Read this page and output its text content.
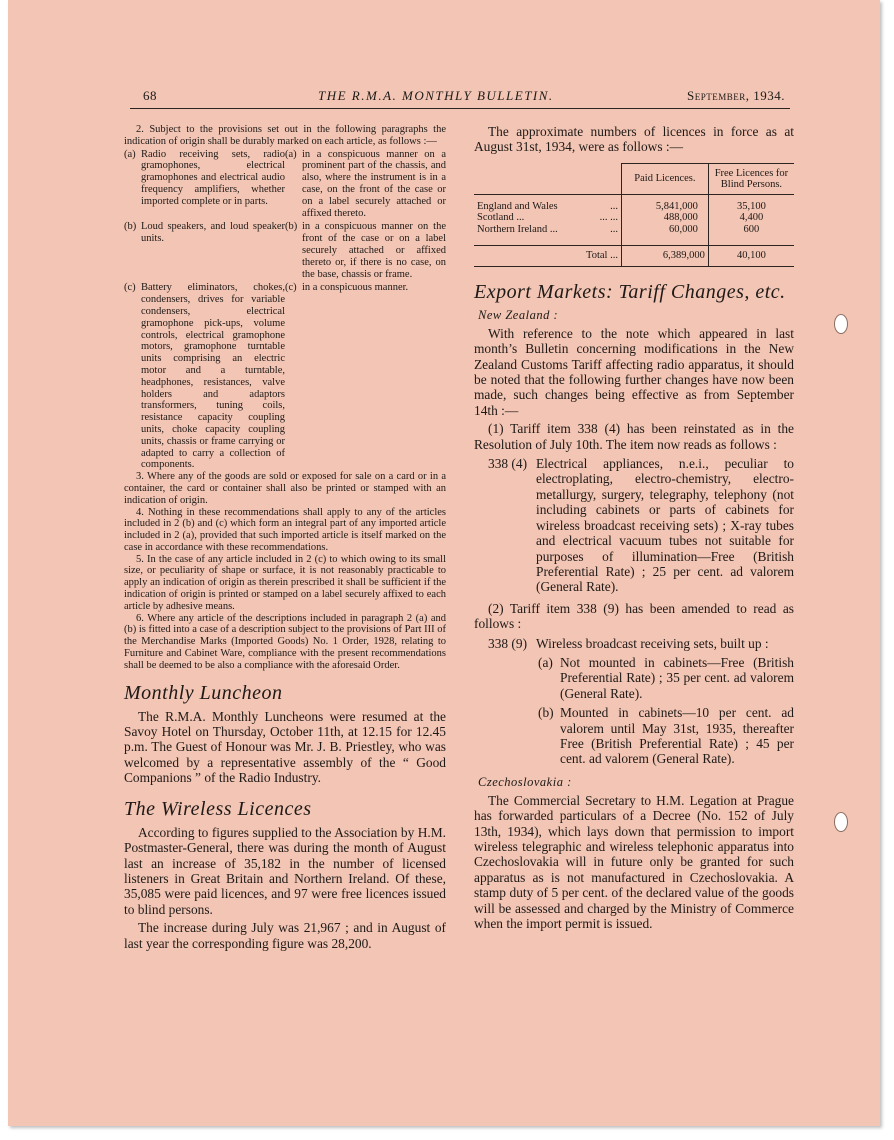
68	THE R.M.A. MONTHLY BULLETIN.	September, 1934.

2. Subject to the provisions set out in the following paragraphs the indication of origin shall be durably marked on each article, as follows :—

(a) Radio receiving sets, radio gramophones, electrical gramophones and electrical audio frequency amplifiers, whether imported complete or in parts.
(a) in a conspicuous manner on a prominent part of the chassis, and also, where the instrument is in a case, on the front of the case or on a label securely attached or affixed thereto.
(b) Loud speakers, and loud speaker units.
(b) in a conspicuous manner on the front of the case or on a label securely attached or affixed thereto or, if there is no case, on the base, chassis or frame.
(c) Battery eliminators, chokes, condensers, drives for variable condensers, electrical gramophone pick-ups, volume controls, electrical gramophone motors, gramophone turntable units comprising an electric motor and a turntable, headphones, resistances, valve holders and adaptors transformers, tuning coils, resistance capacity coupling units, choke capacity coupling units, chassis or frame carrying or adapted to carry a collection of components.
(c) in a conspicuous manner.

3. Where any of the goods are sold or exposed for sale on a card or in a container, the card or container shall also be printed or stamped with an indication of origin.

4. Nothing in these recommendations shall apply to any of the articles included in 2 (b) and (c) which form an integral part of any imported article included in 2 (a), provided that such imported article is itself marked on the case in accordance with these recommendations.

5. In the case of any article included in 2 (c) to which owing to its small size, or peculiarity of shape or surface, it is not reasonably practicable to apply an indication of origin as therein prescribed it shall be sufficient if the indication of origin is printed or stamped on a label securely affixed to each article by adhesive means.

6. Where any article of the descriptions included in paragraph 2 (a) and (b) is fitted into a case of a description subject to the provisions of Part III of the Merchandise Marks (Imported Goods) No. 1 Order, 1928, relating to Furniture and Cabinet Ware, compliance with the present recommendations shall be deemed to be also a compliance with the aforesaid Order.

Monthly Luncheon

The R.M.A. Monthly Luncheons were resumed at the Savoy Hotel on Thursday, October 11th, at 12.15 for 12.45 p.m. The Guest of Honour was Mr. J. B. Priestley, who was welcomed by a representative assembly of the “ Good Companions ” of the Radio Industry.

The Wireless Licences

According to figures supplied to the Association by H.M. Postmaster-General, there was during the month of August last an increase of 35,182 in the number of licensed listeners in Great Britain and Northern Ireland. Of these, 35,085 were paid licences, and 97 were free licences issued to blind persons.

The increase during July was 21,967 ; and in August of last year the corresponding figure was 28,200.

The approximate numbers of licences in force as at August 31st, 1934, were as follows :—

	Paid Licences.	Free Licences for Blind Persons.

England and Wales ...	5,841,000	35,100
Scotland ... ... ...	488,000	4,400
Northern Ireland ... ...	60,000	600

Total ...	6,389,000	40,100
Export Markets: Tariff Changes, etc.
New Zealand :

With reference to the note which appeared in last month’s Bulletin concerning modifications in the New Zealand Customs Tariff affecting radio apparatus, it should be noted that the following further changes have now been made, such changes being effective as from September 14th :—

(1) Tariff item 338 (4) has been reinstated as in the Resolution of July 10th. The item now reads as follows :

338 (4) Electrical appliances, n.e.i., peculiar to electroplating, electro-chemistry, electro-metallurgy, surgery, telegraphy, telephony (not including cabinets or parts of cabinets for wireless broadcast receiving sets) ; X-ray tubes and electrical vacuum tubes not suitable for purposes of illumination—Free (British Preferential Rate) ; 25 per cent. ad valorem (General Rate).

(2) Tariff item 338 (9) has been amended to read as follows :

338 (9) Wireless broadcast receiving sets, built up :
(a) Not mounted in cabinets—Free (British Preferential Rate) ; 35 per cent. ad valorem (General Rate).
(b) Mounted in cabinets—10 per cent. ad valorem until May 31st, 1935, thereafter Free (British Preferential Rate) ; 45 per cent. ad valorem (General Rate).
Czechoslovakia :

The Commercial Secretary to H.M. Legation at Prague has forwarded particulars of a Decree (No. 152 of July 13th, 1934), which lays down that permission to import wireless telegraphic and wireless telephonic apparatus into Czechoslovakia will in future only be granted for such apparatus as is not manufactured in Czechoslovakia. A stamp duty of 5 per cent. of the declared value of the goods will be assessed and charged by the Ministry of Commerce when the import permit is issued.
